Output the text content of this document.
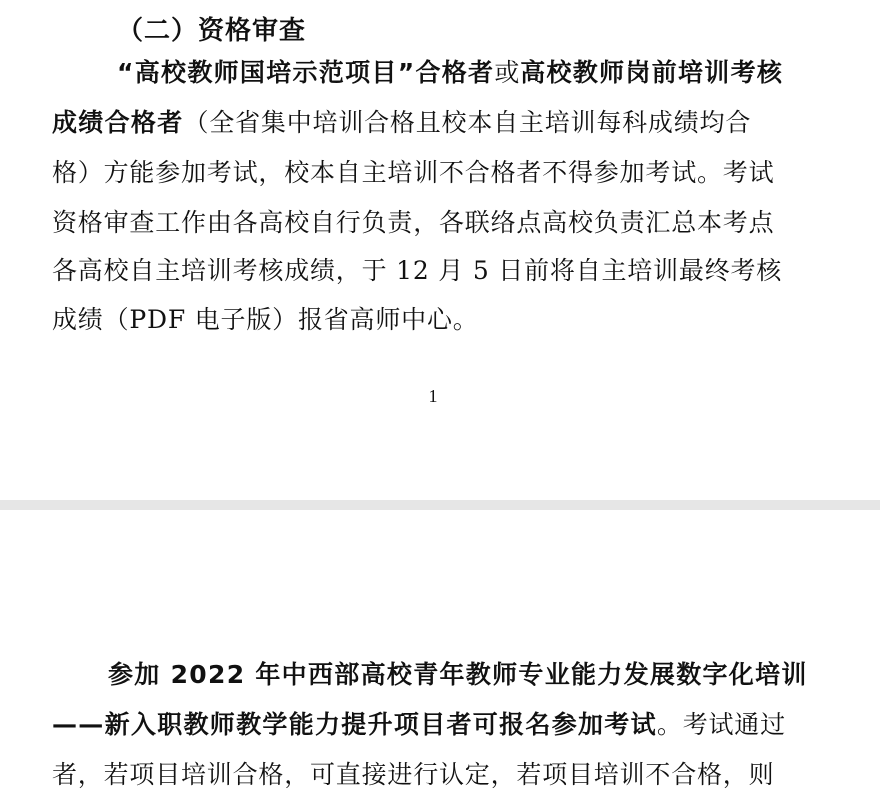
（二）资格审查
“高校教师国培示范项目”合格者或高校教师岗前培训考核
成绩合格者（全省集中培训合格且校本自主培训每科成绩均合
格）方能参加考试，校本自主培训不合格者不得参加考试。考试
资格审查工作由各高校自行负责，各联络点高校负责汇总本考点
各高校自主培训考核成绩，于 12 月 5 日前将自主培训最终考核
成绩（PDF 电子版）报省高师中心。
1
参加 2022 年中西部高校青年教师专业能力发展数字化培训
——新入职教师教学能力提升项目者可报名参加考试。考试通过
者，若项目培训合格，可直接进行认定，若项目培训不合格，则
